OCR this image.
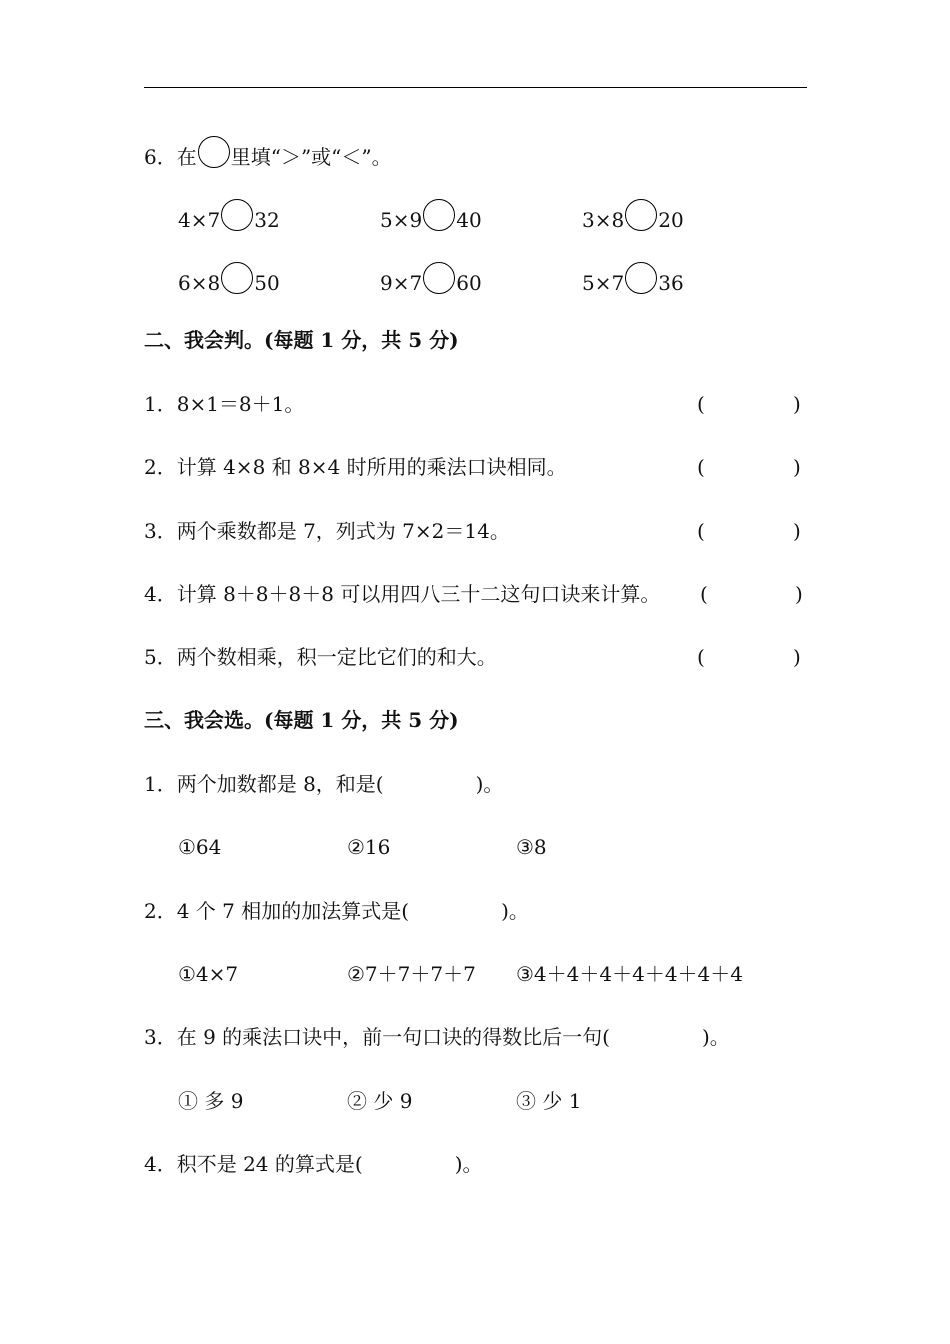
6．在 里填“＞”或“＜”。
4×7 32	5×9 40	3×8 20
6×8 50	9×7 60	5×7 36
二、我会判。(每题 1 分，共 5 分)
1．8×1＝8＋1。	(	)
2．计算 4×8 和 8×4 时所用的乘法口诀相同。	(	)
3．两个乘数都是 7，列式为 7×2＝14。	(	)
4．计算 8＋8＋8＋8 可以用四八三十二这句口诀来计算。 (	)
5．两个数相乘，积一定比它们的和大。	(	)
三、我会选。(每题 1 分，共 5 分)
1．两个加数都是 8，和是(	)。
①64	②16	③8
2．4 个 7 相加的加法算式是(	)。
①4×7	②7＋7＋7＋7 ③4＋4＋4＋4＋4＋4＋4
3．在 9 的乘法口诀中，前一句口诀的得数比后一句(	)。
① 多 9	② 少 9	③ 少 1
4．积不是 24 的算式是(	)。
